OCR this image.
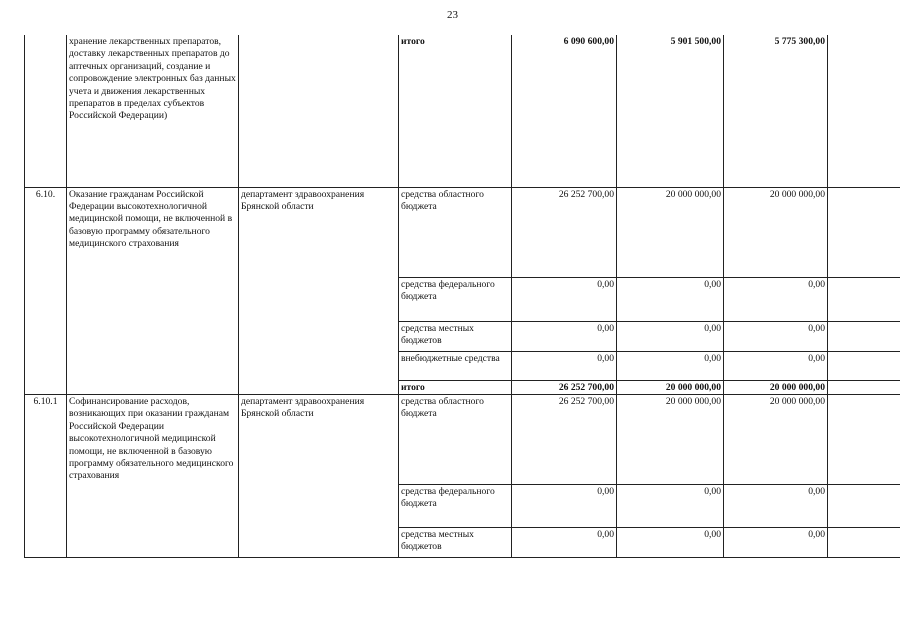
23
	хранение лекарственных препаратов, доставку лекарственных препаратов до аптечных организаций, создание и сопровождение электронных баз данных учета и движения лекарственных препаратов в пределах субъектов Российской Федерации)		итого	6 090 600,00	5 901 500,00	5 775 300,00	
6.10.	Оказание гражданам Российской Федерации высокотехнологичной медицинской помощи, не включенной в базовую программу обязательного медицинского страхования	департамент здравоохранения Брянской области	средства областного бюджета	26 252 700,00	20 000 000,00	20 000 000,00	
			средства федерального бюджета	0,00	0,00	0,00	
			средства местных бюджетов	0,00	0,00	0,00	
			внебюджетные средства	0,00	0,00	0,00	
			итого	26 252 700,00	20 000 000,00	20 000 000,00	
6.10.1	Софинансирование расходов, возникающих при оказании гражданам Российской Федерации высокотехнологичной медицинской помощи, не включенной в базовую программу обязательного медицинского страхования	департамент здравоохранения Брянской области	средства областного бюджета	26 252 700,00	20 000 000,00	20 000 000,00	
			средства федерального бюджета	0,00	0,00	0,00	
			средства местных бюджетов	0,00	0,00	0,00	
